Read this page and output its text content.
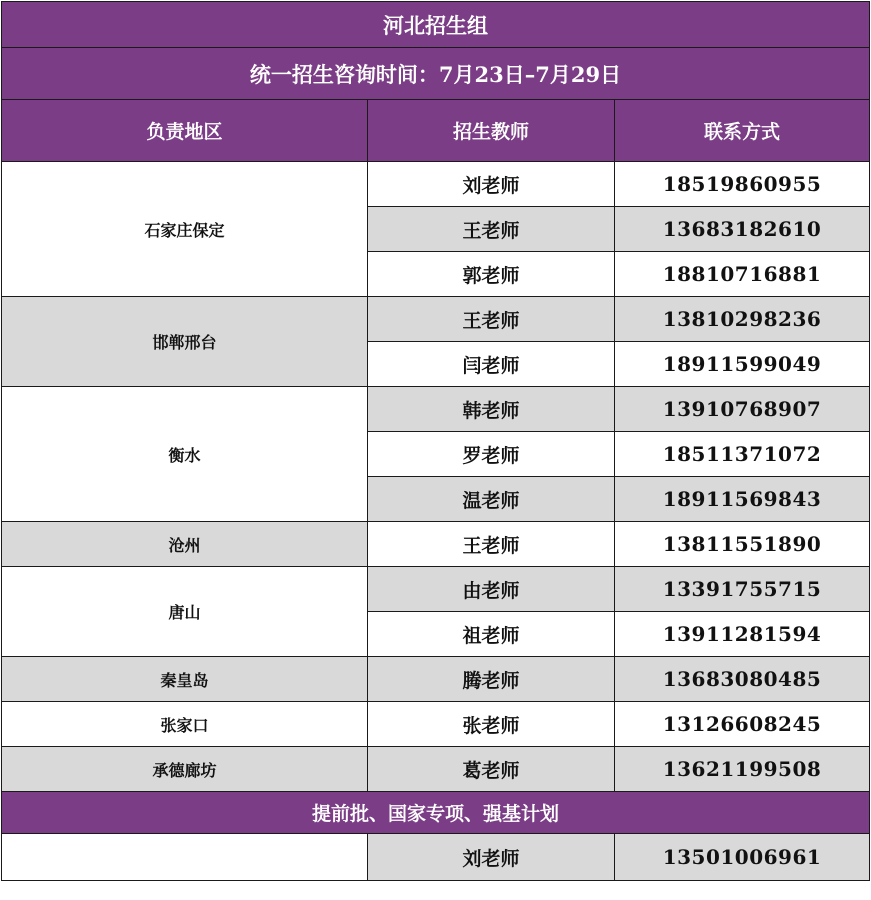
河北招生组		
统一招生咨询时间：7月23日–7月29日		
负责地区	招生教师	联系方式
石家庄保定	刘老师	18519860955
	王老师	13683182610
	郭老师	18810716881
邯郸邢台	王老师	13810298236
	闫老师	18911599049
衡水	韩老师	13910768907
	罗老师	18511371072
	温老师	18911569843
沧州	王老师	13811551890
唐山	由老师	13391755715
	祖老师	13911281594
秦皇岛	腾老师	13683080485
张家口	张老师	13126608245
承德廊坊	葛老师	13621199508
提前批、国家专项、强基计划		
	刘老师	13501006961
